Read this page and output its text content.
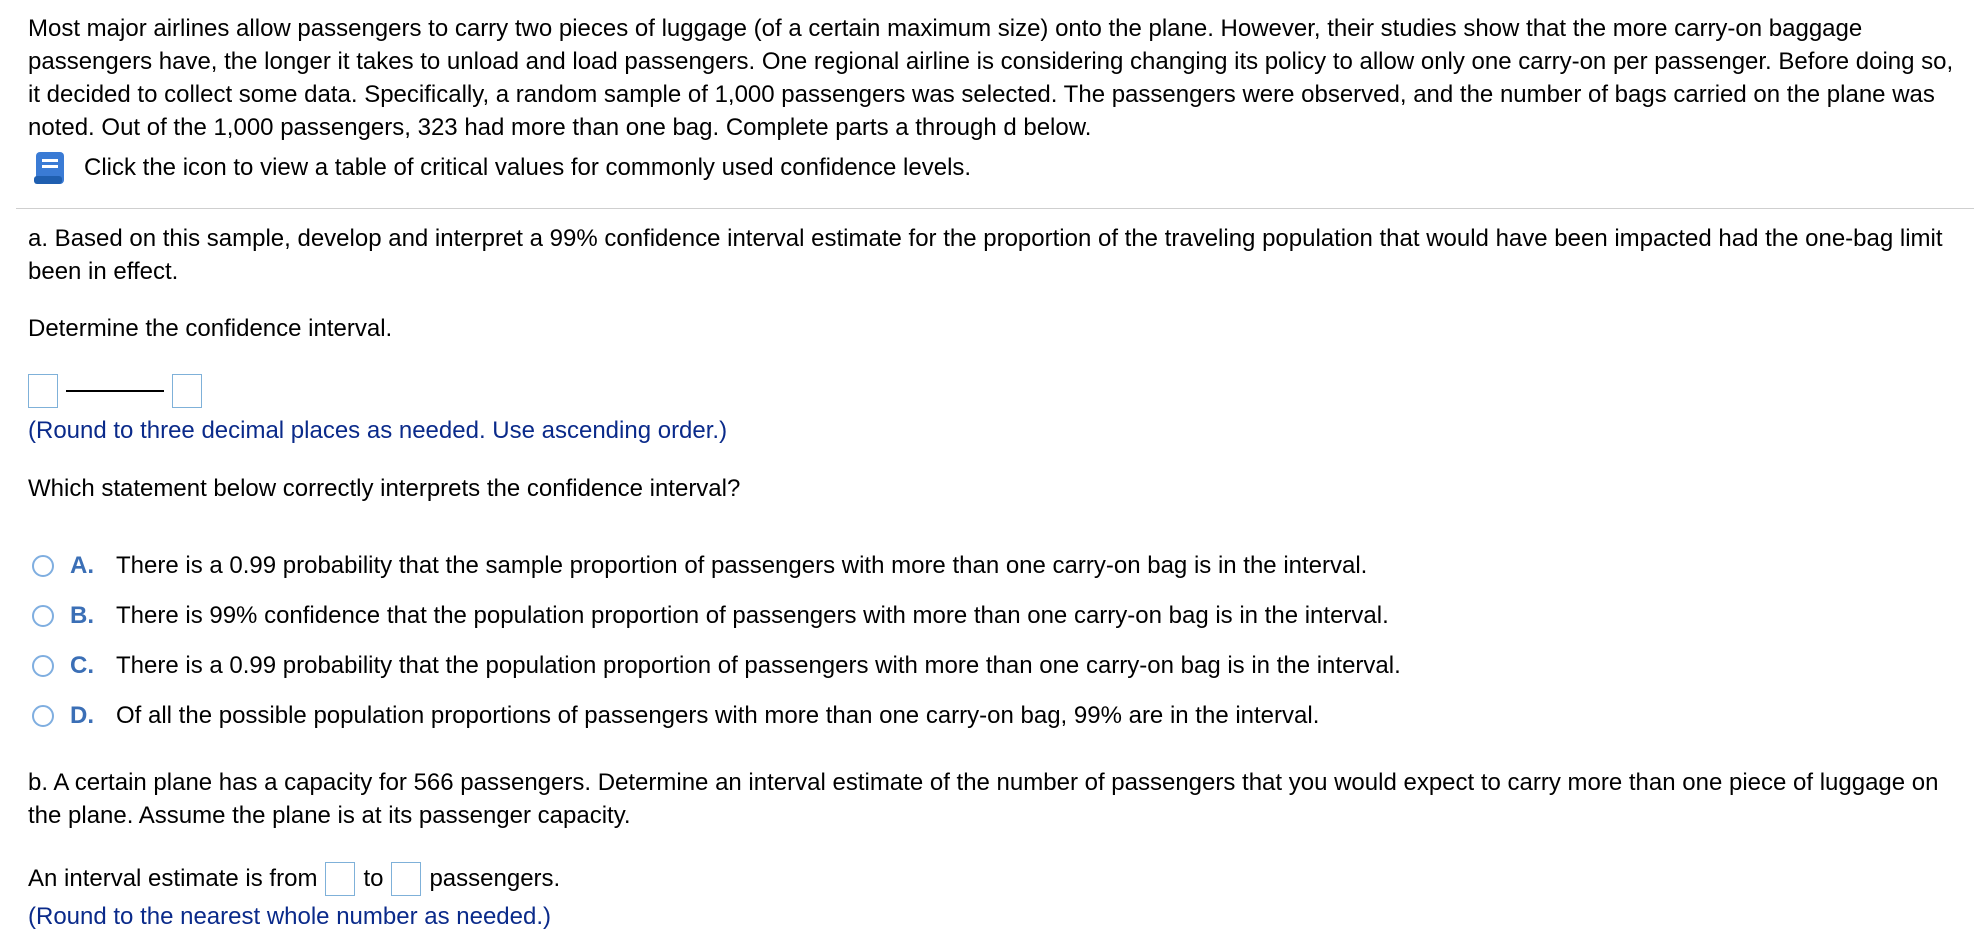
Most major airlines allow passengers to carry two pieces of luggage (of a certain maximum size) onto the plane. However, their studies show that the more carry-on baggage passengers have, the longer it takes to unload and load passengers. One regional airline is considering changing its policy to allow only one carry-on per passenger. Before doing so, it decided to collect some data. Specifically, a random sample of 1,000 passengers was selected. The passengers were observed, and the number of bags carried on the plane was noted. Out of the 1,000 passengers, 323 had more than one bag. Complete parts a through d below.

Click the icon to view a table of critical values for commonly used confidence levels.
a. Based on this sample, develop and interpret a 99% confidence interval estimate for the proportion of the traveling population that would have been impacted had the one-bag limit been in effect.
Determine the confidence interval.
(Round to three decimal places as needed. Use ascending order.)
Which statement below correctly interprets the confidence interval?
A. There is a 0.99 probability that the sample proportion of passengers with more than one carry-on bag is in the interval.
B. There is 99% confidence that the population proportion of passengers with more than one carry-on bag is in the interval.
C. There is a 0.99 probability that the population proportion of passengers with more than one carry-on bag is in the interval.
D. Of all the possible population proportions of passengers with more than one carry-on bag, 99% are in the interval.
b. A certain plane has a capacity for 566 passengers. Determine an interval estimate of the number of passengers that you would expect to carry more than one piece of luggage on the plane. Assume the plane is at its passenger capacity.
An interval estimate is from to passengers.
(Round to the nearest whole number as needed.)
